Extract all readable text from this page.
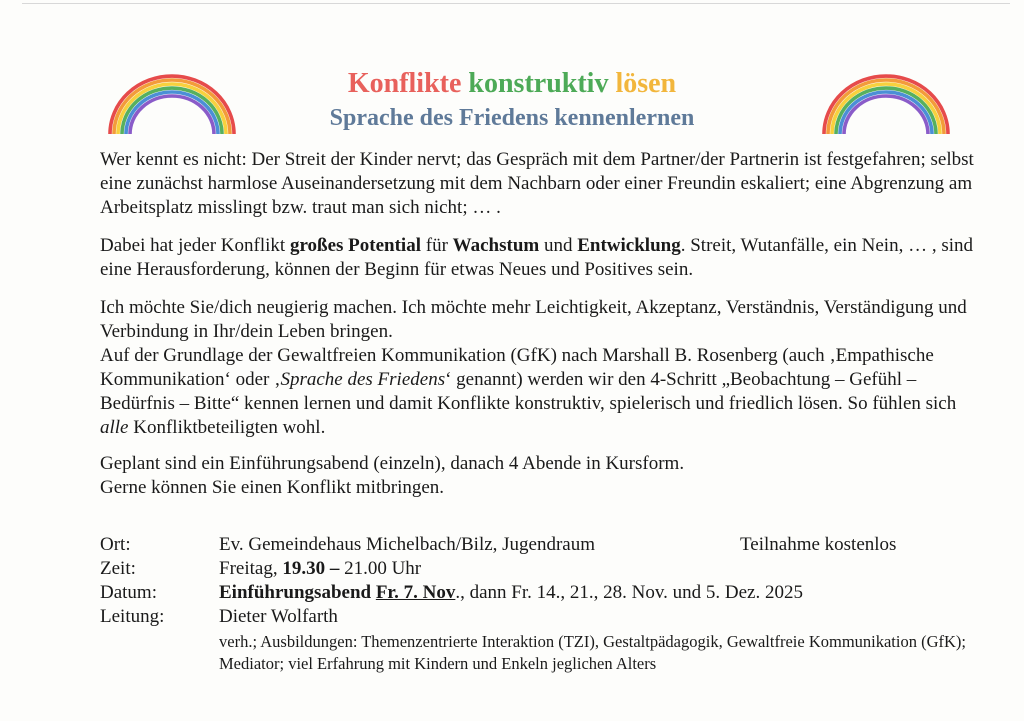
Konflikte konstruktiv lösen
Sprache des Friedens kennenlernen

Wer kennt es nicht: Der Streit der Kinder nervt; das Gespräch mit dem Partner/der Partnerin ist festgefahren; selbst eine zunächst harmlose Auseinandersetzung mit dem Nachbarn oder einer Freundin eskaliert; eine Abgrenzung am Arbeitsplatz misslingt bzw. traut man sich nicht; … .

Dabei hat jeder Konflikt großes Potential für Wachstum und Entwicklung. Streit, Wutanfälle, ein Nein, … , sind eine Herausforderung, können der Beginn für etwas Neues und Positives sein.

Ich möchte Sie/dich neugierig machen. Ich möchte mehr Leichtigkeit, Akzeptanz, Verständnis, Verständigung und Verbindung in Ihr/dein Leben bringen.

Auf der Grundlage der Gewaltfreien Kommunikation (GfK) nach Marshall B. Rosenberg (auch ‚Empathische Kommunikation‘ oder ‚Sprache des Friedens‘ genannt) werden wir den 4-Schritt „Beobachtung – Gefühl – Bedürfnis – Bitte“ kennen lernen und damit Konflikte konstruktiv, spielerisch und friedlich lösen. So fühlen sich alle Konfliktbeteiligten wohl.

Geplant sind ein Einführungsabend (einzeln), danach 4 Abende in Kursform.

Gerne können Sie einen Konflikt mitbringen.

Ort:	Ev. Gemeindehaus Michelbach/Bilz, Jugendraum	Teilnahme kostenlos
Zeit:	Freitag, 19.30 – 21.00 Uhr
Datum:	Einführungsabend Fr. 7. Nov., dann Fr. 14., 21., 28. Nov. und 5. Dez. 2025
Leitung:	Dieter Wolfarth
verh.; Ausbildungen: Themenzentrierte Interaktion (TZI), Gestaltpädagogik, Gewaltfreie Kommunikation (GfK); Mediator; viel Erfahrung mit Kindern und Enkeln jeglichen Alters
